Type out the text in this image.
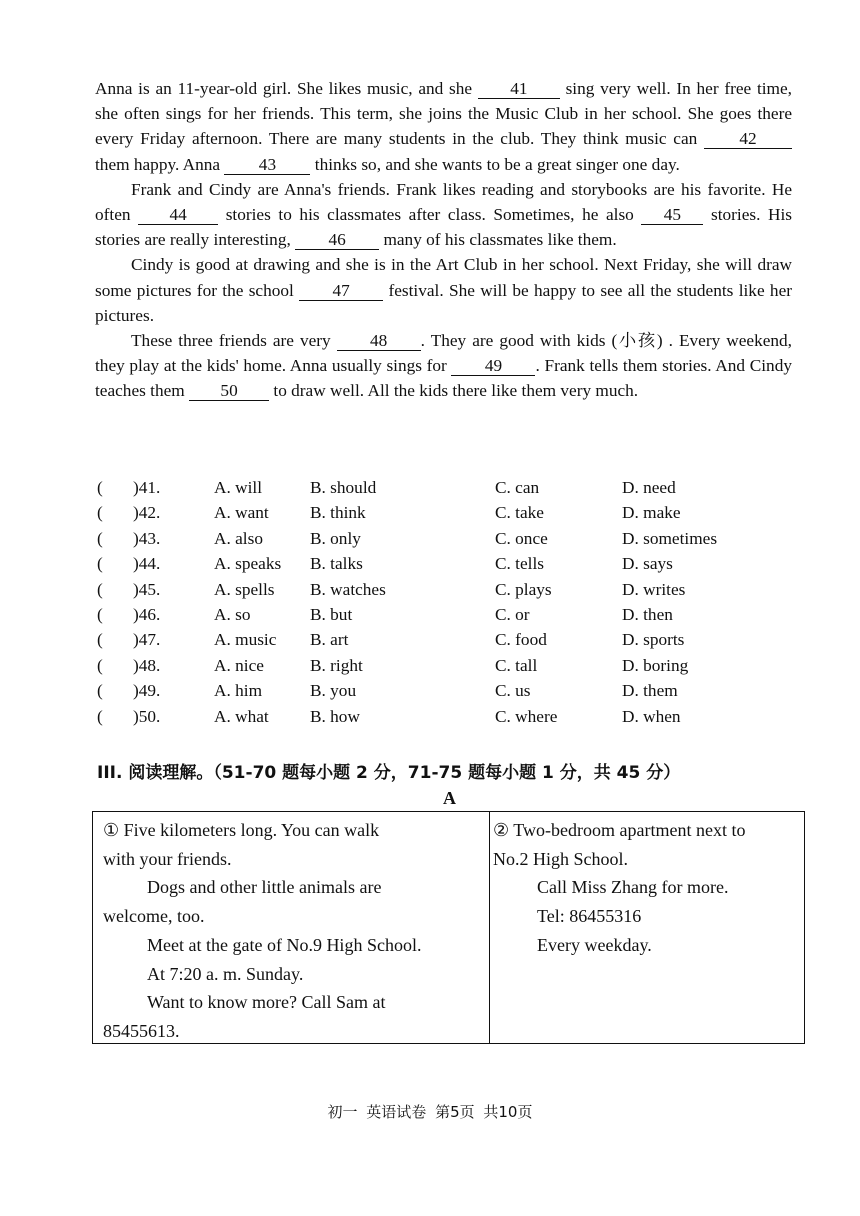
Anna is an 11-year-old girl. She likes music, and she 41 sing very well. In her free time, she often sings for her friends. This term, she joins the Music Club in her school. She goes there every Friday afternoon. There are many students in the club. They think music can 42 them happy. Anna 43 thinks so, and she wants to be a great singer one day.

Frank and Cindy are Anna's friends. Frank likes reading and storybooks are his favorite. He often 44 stories to his classmates after class. Sometimes, he also 45 stories. His stories are really interesting, 46 many of his classmates like them.

Cindy is good at drawing and she is in the Art Club in her school. Next Friday, she will draw some pictures for the school 47 festival. She will be happy to see all the students like her pictures.

These three friends are very 48 . They are good with kids (小孩) . Every weekend, they play at the kids' home. Anna usually sings for 49 . Frank tells them stories. And Cindy teaches them 50 to draw well. All the kids there like them very much.

( )41.	A. will	B. should	C. can	D. need
( )42.	A. want B. think	C. take	D. make
( )43.	A. also	B. only	C. once	D. sometimes
( )44.	A. speaks B. talks	C. tells	D. says
( )45.	A. spells B. watches	C. plays	D. writes
( )46.	A. so	B. but	C. or	D. then
( )47.	A. music B. art	C. food	D. sports
( )48.	A. nice	B. right	C. tall	D. boring
( )49.	A. him	B. you	C. us	D. them
( )50.	A. what B. how	C. where	D. when
III. 阅读理解。（51-70 题每小题 2 分，71-75 题每小题 1 分，共 45 分）
A

① Five kilometers long. You can walk

with your friends.

Dogs and other little animals are

welcome, too.

Meet at the gate of No.9 High School.

At 7:20 a. m. Sunday.

Want to know more? Call Sam at

85455613.

② Two-bedroom apartment next to

No.2 High School.

Call Miss Zhang for more.

Tel: 86455316

Every weekday.

初一 英语试卷 第5页 共10页
